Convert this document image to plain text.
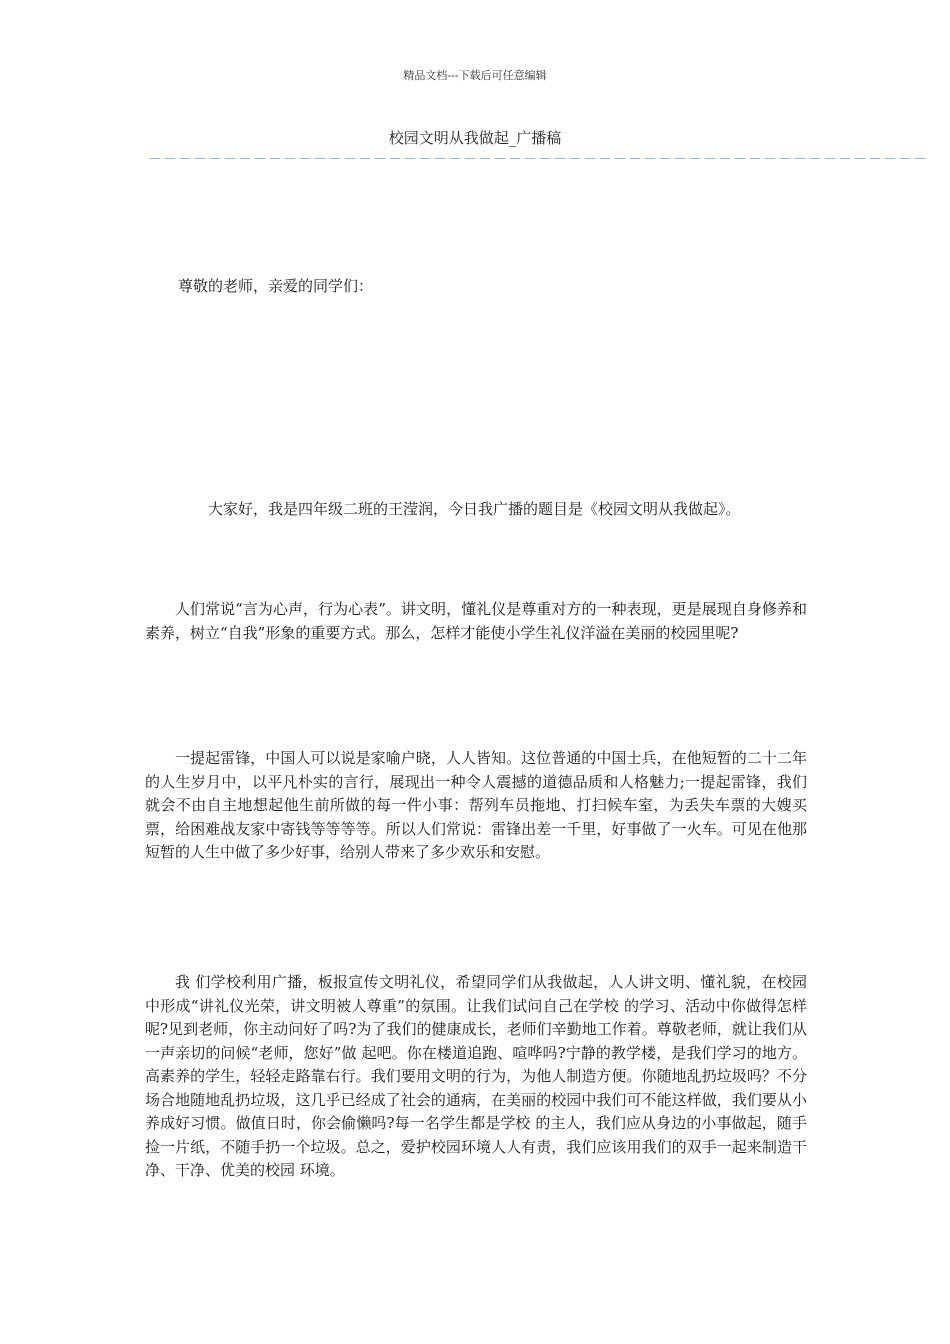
精品文档---下载后可任意编辑
校园文明从我做起_广播稿
－－－－－－－－－－－－－－－－－－－－－－－－－－－－－－－－－－－－－－－－－－－－－－－－－－－－
尊敬的老师，亲爱的同学们：

大家好，我是四年级二班的王滢润，今日我广播的题目是《校园文明从我做起》。

人们常说“言为心声，行为心表”。讲文明，懂礼仪是尊重对方的一种表现，更是展现自身修养和素养，树立“自我”形象的重要方式。那么，怎样才能使小学生礼仪洋溢在美丽的校园里呢?

一提起雷锋，中国人可以说是家喻户晓，人人皆知。这位普通的中国士兵，在他短暂的二十二年的人生岁月中，以平凡朴实的言行，展现出一种令人震撼的道德品质和人格魅力;一提起雷锋，我们就会不由自主地想起他生前所做的每一件小事：帮列车员拖地、打扫候车室，为丢失车票的大嫂买票，给困难战友家中寄钱等等等等。所以人们常说：雷锋出差一千里，好事做了一火车。可见在他那短暂的人生中做了多少好事，给别人带来了多少欢乐和安慰。

我 们学校利用广播，板报宣传文明礼仪，希望同学们从我做起，人人讲文明、懂礼貌，在校园中形成“讲礼仪光荣，讲文明被人尊重”的氛围。让我们试问自己在学校 的学习、活动中你做得怎样呢?见到老师，你主动问好了吗?为了我们的健康成长，老师们辛勤地工作着。尊敬老师，就让我们从一声亲切的问候“老师，您好”做 起吧。你在楼道追跑、喧哗吗?宁静的教学楼，是我们学习的地方。高素养的学生，轻轻走路靠右行。我们要用文明的行为，为他人制造方便。你随地乱扔垃圾吗？不分场合地随地乱扔垃圾，这几乎已经成了社会的通病，在美丽的校园中我们可不能这样做，我们要从小养成好习惯。做值日时，你会偷懒吗?每一名学生都是学校 的主人，我们应从身边的小事做起，随手捡一片纸，不随手扔一个垃圾。总之，爱护校园环境人人有责，我们应该用我们的双手一起来制造干净、干净、优美的校园 环境。
